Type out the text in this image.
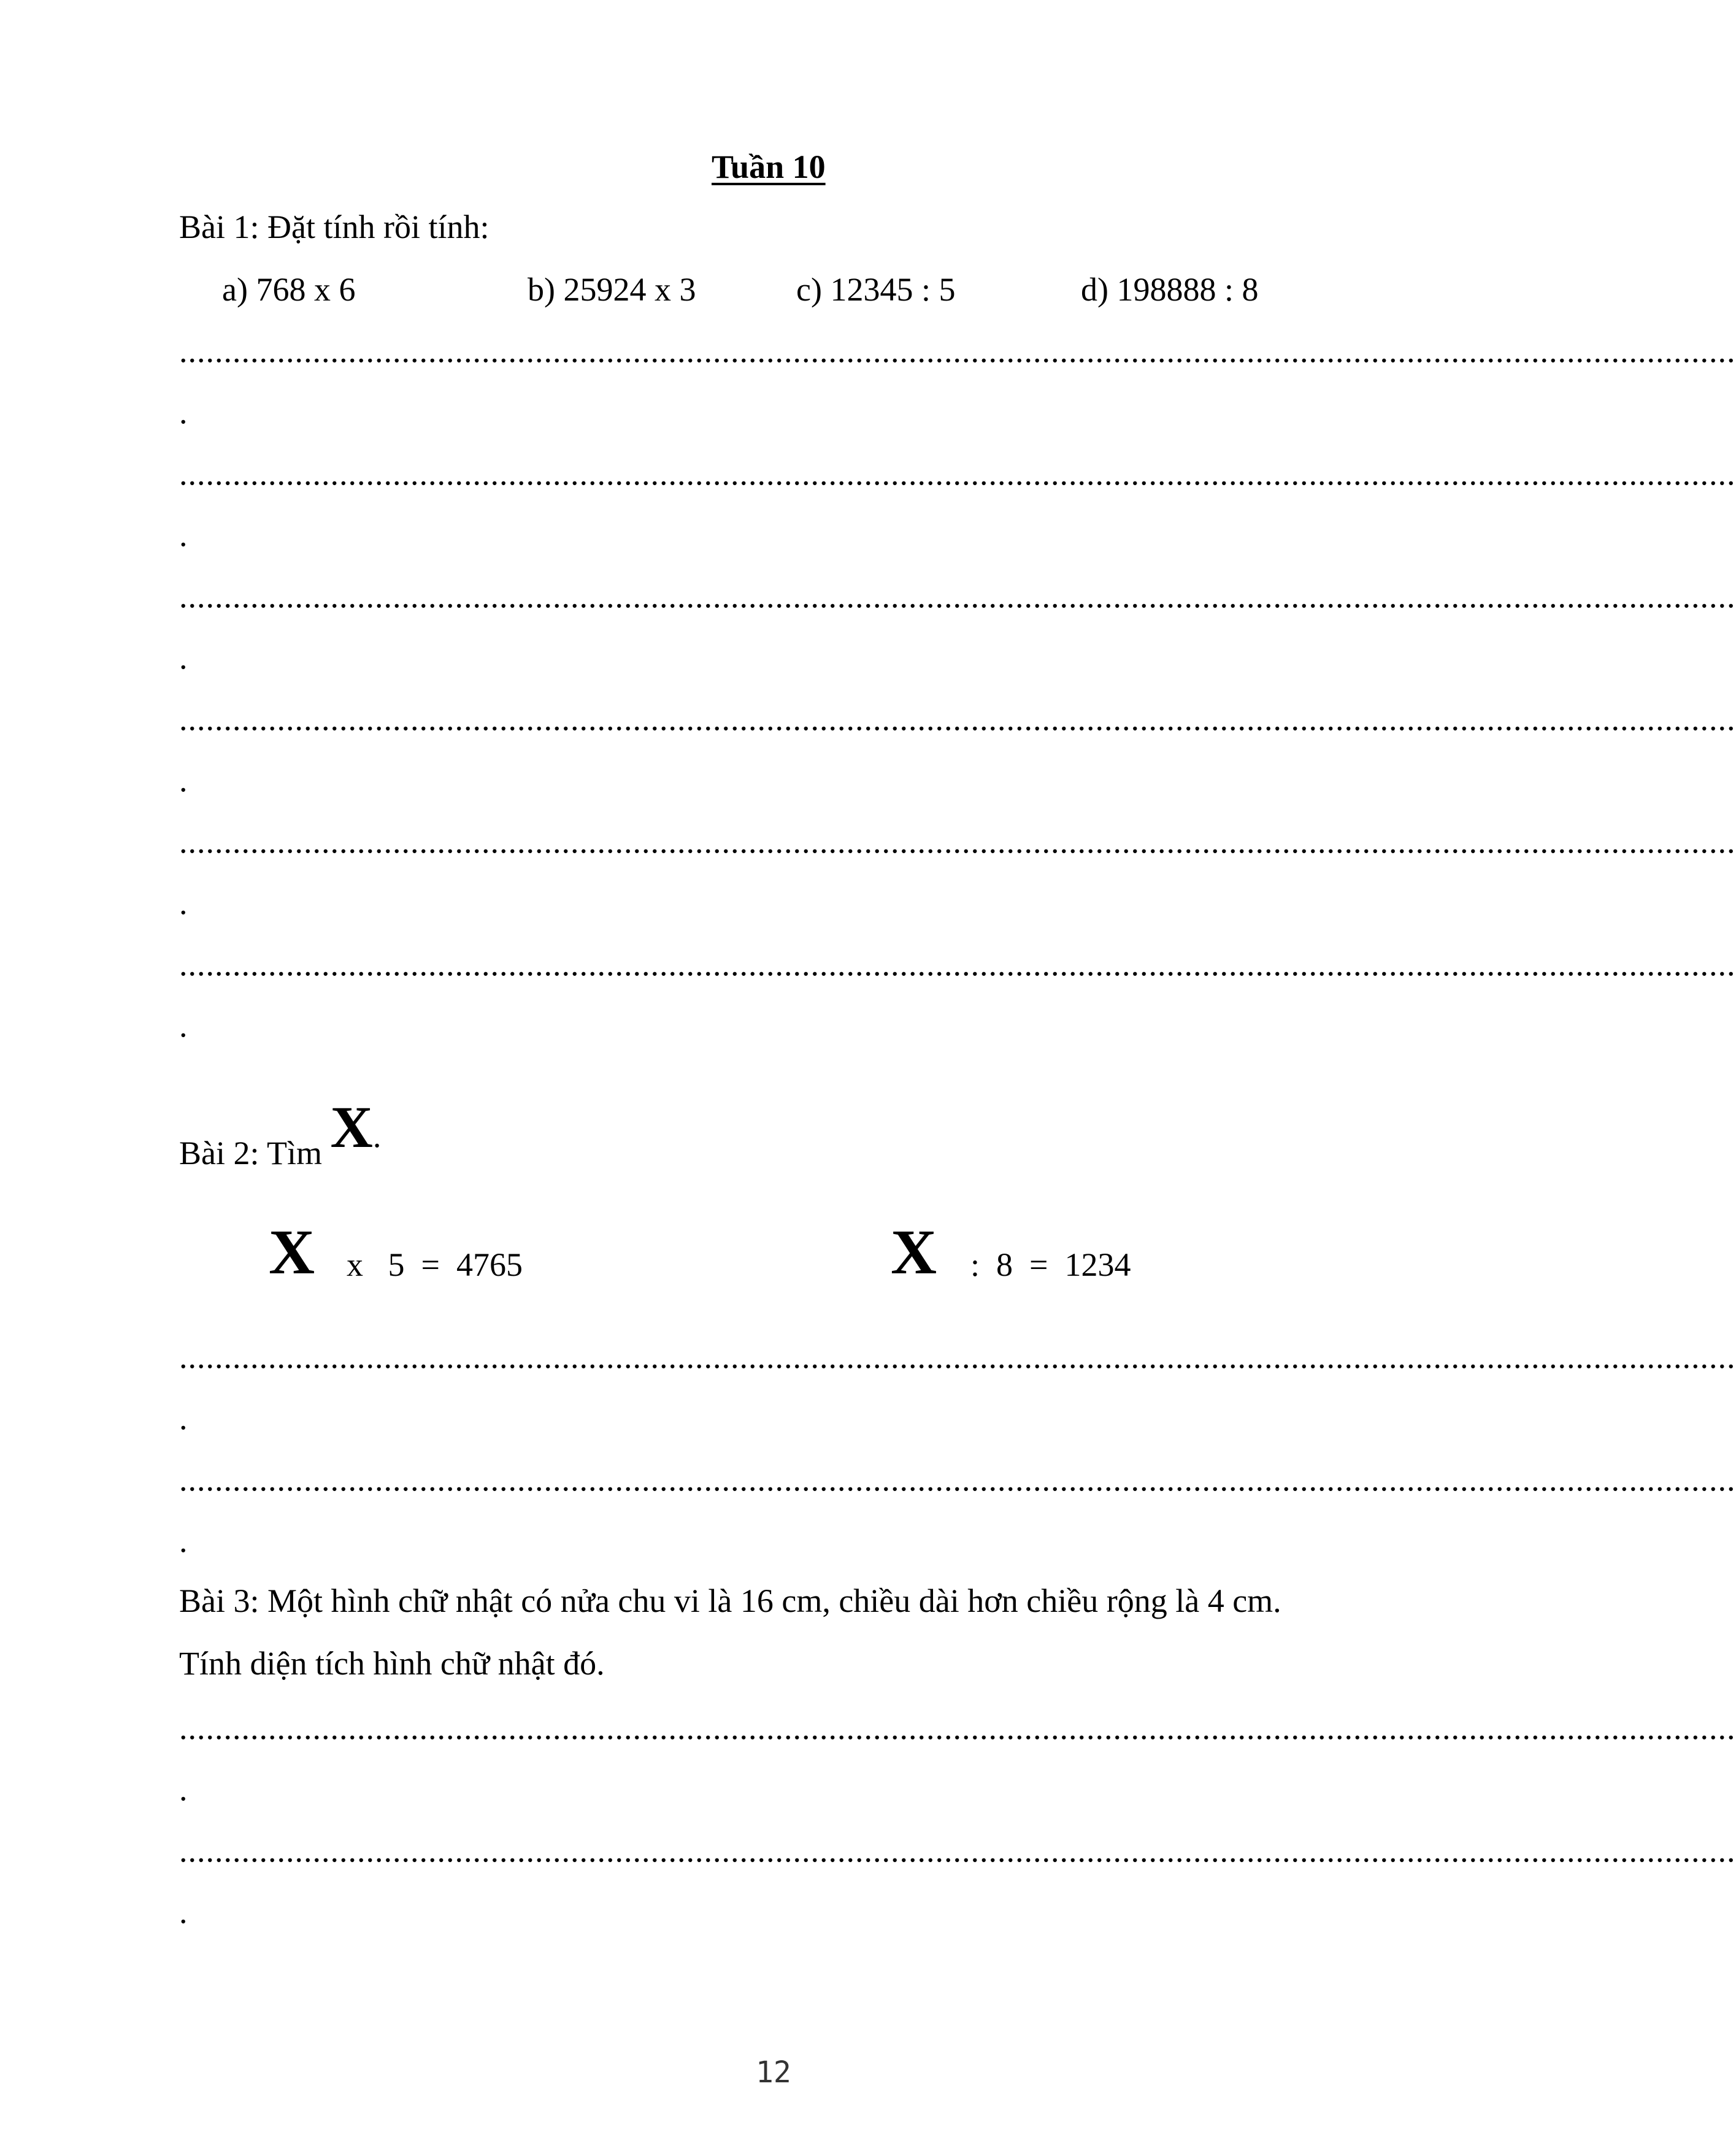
Tuần 10
Bài 1: Đặt tính rồi tính:
a) 768 x 6	b) 25924 x 3	c) 12345 : 5	d) 198888 : 8
...............................................................................................................................................................................
.
...............................................................................................................................................................................
.
...............................................................................................................................................................................
.
...............................................................................................................................................................................
.
...............................................................................................................................................................................
.
...............................................................................................................................................................................
.
Bài 2: Tìm X.
X x   5  =  4765	X :  8  =  1234
...............................................................................................................................................................................
.
...............................................................................................................................................................................
.
Bài 3: Một hình chữ nhật có nửa chu vi là 16 cm, chiều dài hơn chiều rộng là 4 cm.
Tính diện tích hình chữ nhật đó.
...............................................................................................................................................................................
.
...............................................................................................................................................................................
.
12
